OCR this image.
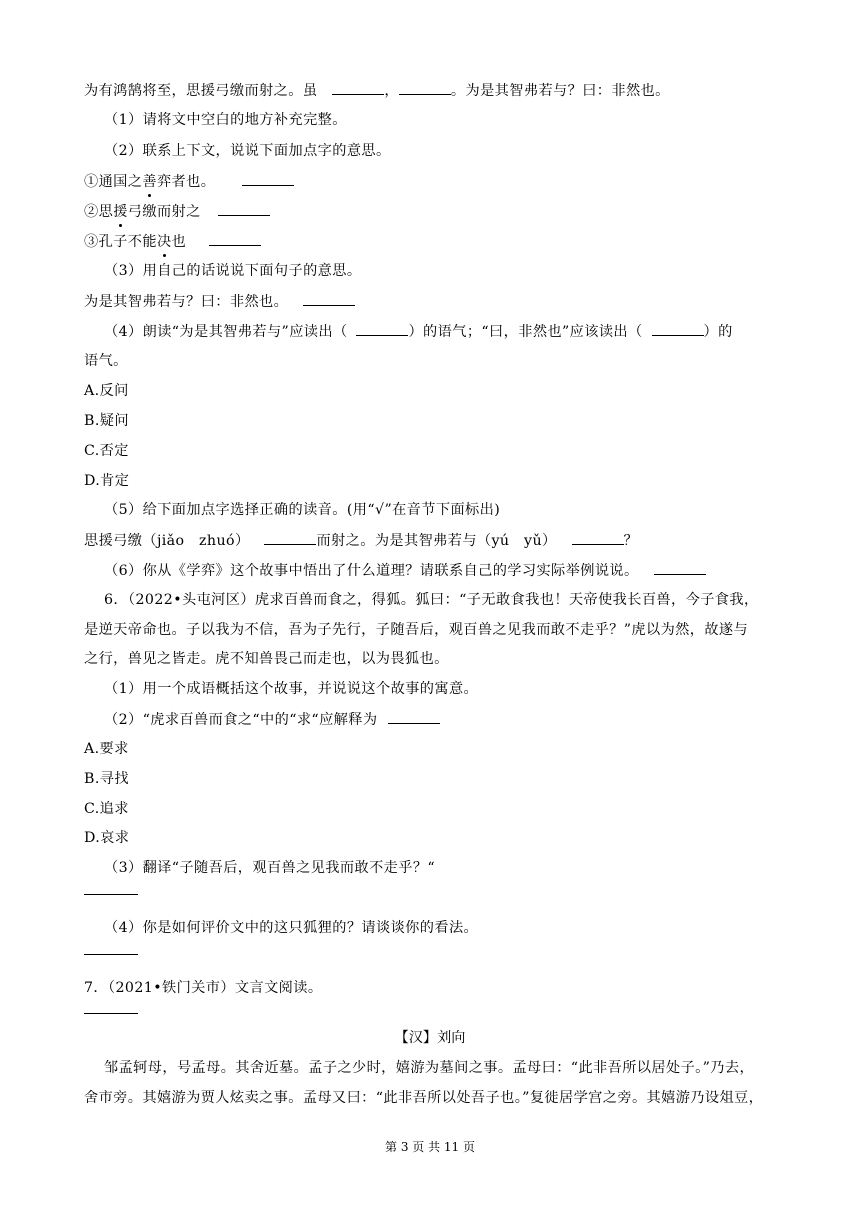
为有鸿鹄将至，思援弓缴而射之。虽	，	。为是其智弗若与？曰：非然也。
（1）请将文中空白的地方补充完整。
（2）联系上下文，说说下面加点字的意思。
①通国之善弈者也。
②思援弓缴而射之
③孔子不能决也
（3）用自己的话说说下面句子的意思。
为是其智弗若与？曰：非然也。
（4）朗读“为是其智弗若与”应读出（	）的语气；“曰，非然也”应该读出（	）的
语气。
A.反问
B.疑问
C.否定
D.肯定
（5）给下面加点字选择正确的读音。(用“√”在音节下面标出)
思援弓缴（jiǎo　zhuó）	而射之。为是其智弗若与（yú　yǔ）	？
（6）你从《学弈》这个故事中悟出了什么道理？请联系自己的学习实际举例说说。
6．（2022•头屯河区）虎求百兽而食之，得狐。狐曰：“子无敢食我也！天帝使我长百兽，今子食我，
是逆天帝命也。子以我为不信，吾为子先行，子随吾后，观百兽之见我而敢不走乎？”虎以为然，故遂与
之行，兽见之皆走。虎不知兽畏己而走也，以为畏狐也。
（1）用一个成语概括这个故事，并说说这个故事的寓意。
（2）“虎求百兽而食之“中的“求“应解释为
A.要求
B.寻找
C.追求
D.哀求
（3）翻译“子随吾后，观百兽之见我而敢不走乎？“
（4）你是如何评价文中的这只狐狸的？请谈谈你的看法。
7．（2021•铁门关市）文言文阅读。
【汉】刘向
邹孟轲母，号孟母。其舍近墓。孟子之少时，嬉游为墓间之事。孟母曰：“此非吾所以居处子。”乃去，
舍市旁。其嬉游为贾人炫卖之事。孟母又曰：“此非吾所以处吾子也。”复徙居学宫之旁。其嬉游乃设俎豆，
第 3 页 共 11 页
